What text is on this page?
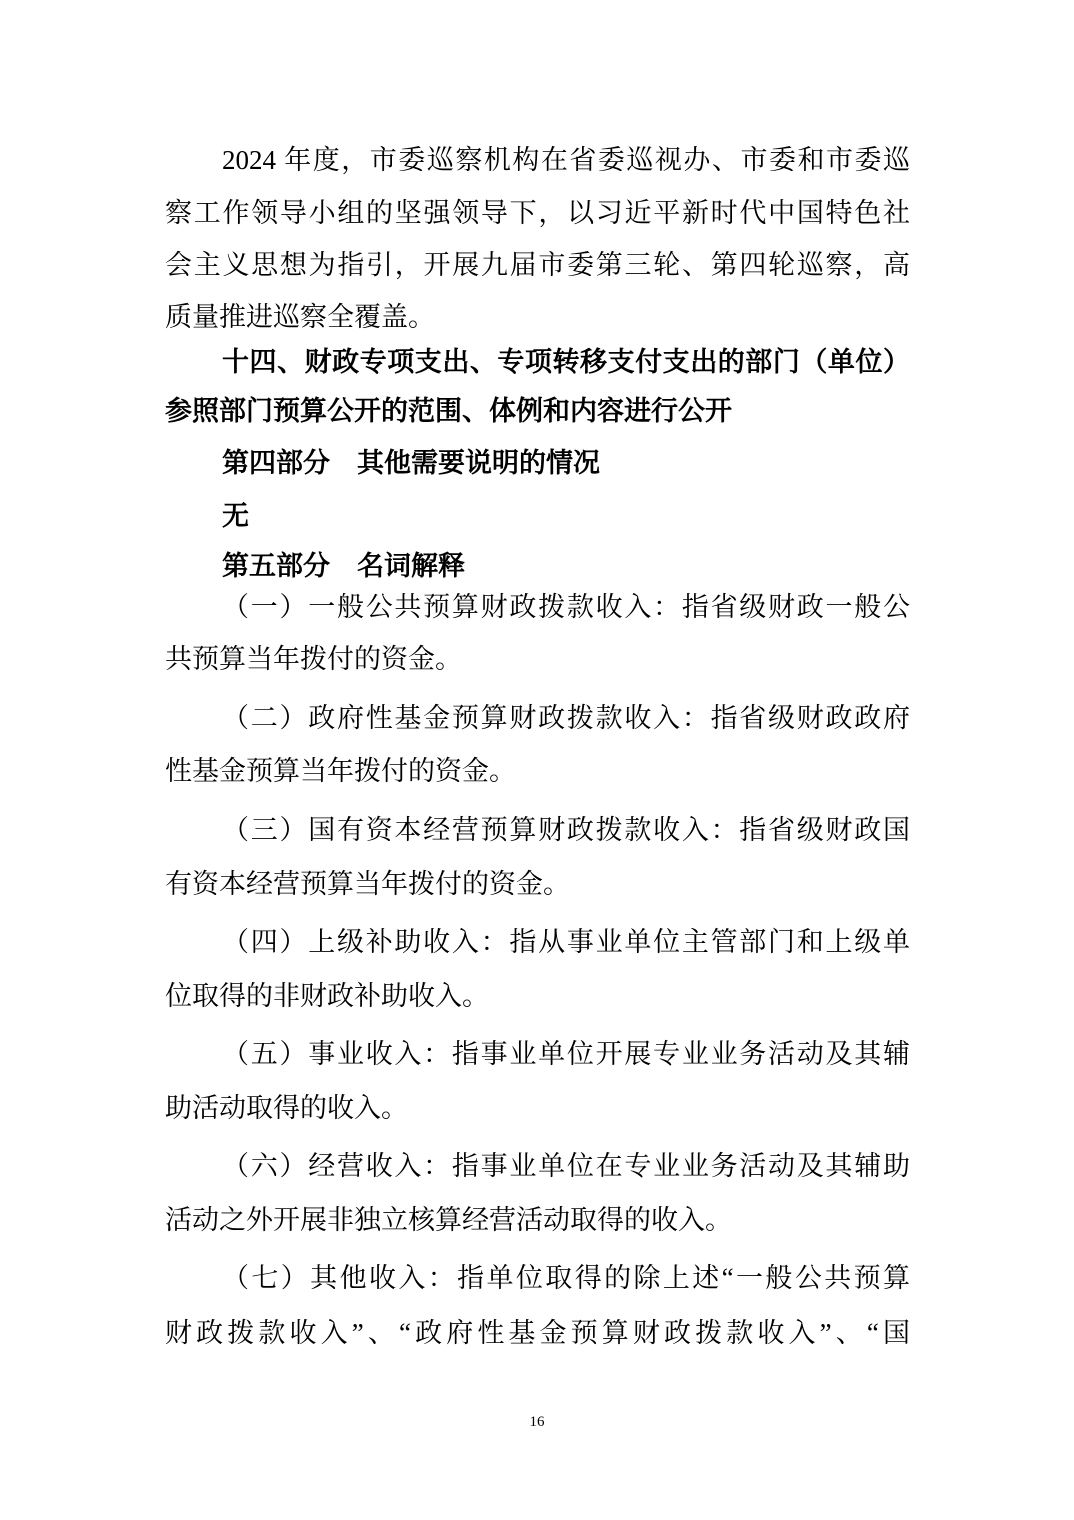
2024 年度，市委巡察机构在省委巡视办、市委和市委巡
察工作领导小组的坚强领导下，以习近平新时代中国特色社
会主义思想为指引，开展九届市委第三轮、第四轮巡察，高
质量推进巡察全覆盖。
十四、财政专项支出、专项转移支付支出的部门（单位）
参照部门预算公开的范围、体例和内容进行公开
第四部分　其他需要说明的情况
无
第五部分　名词解释
（一）一般公共预算财政拨款收入：指省级财政一般公
共预算当年拨付的资金。
（二）政府性基金预算财政拨款收入：指省级财政政府
性基金预算当年拨付的资金。
（三）国有资本经营预算财政拨款收入：指省级财政国
有资本经营预算当年拨付的资金。
（四）上级补助收入：指从事业单位主管部门和上级单
位取得的非财政补助收入。
（五）事业收入：指事业单位开展专业业务活动及其辅
助活动取得的收入。
（六）经营收入：指事业单位在专业业务活动及其辅助
活动之外开展非独立核算经营活动取得的收入。
（七）其他收入：指单位取得的除上述“一般公共预算
财政拨款收入”、“政府性基金预算财政拨款收入”、“国
16
